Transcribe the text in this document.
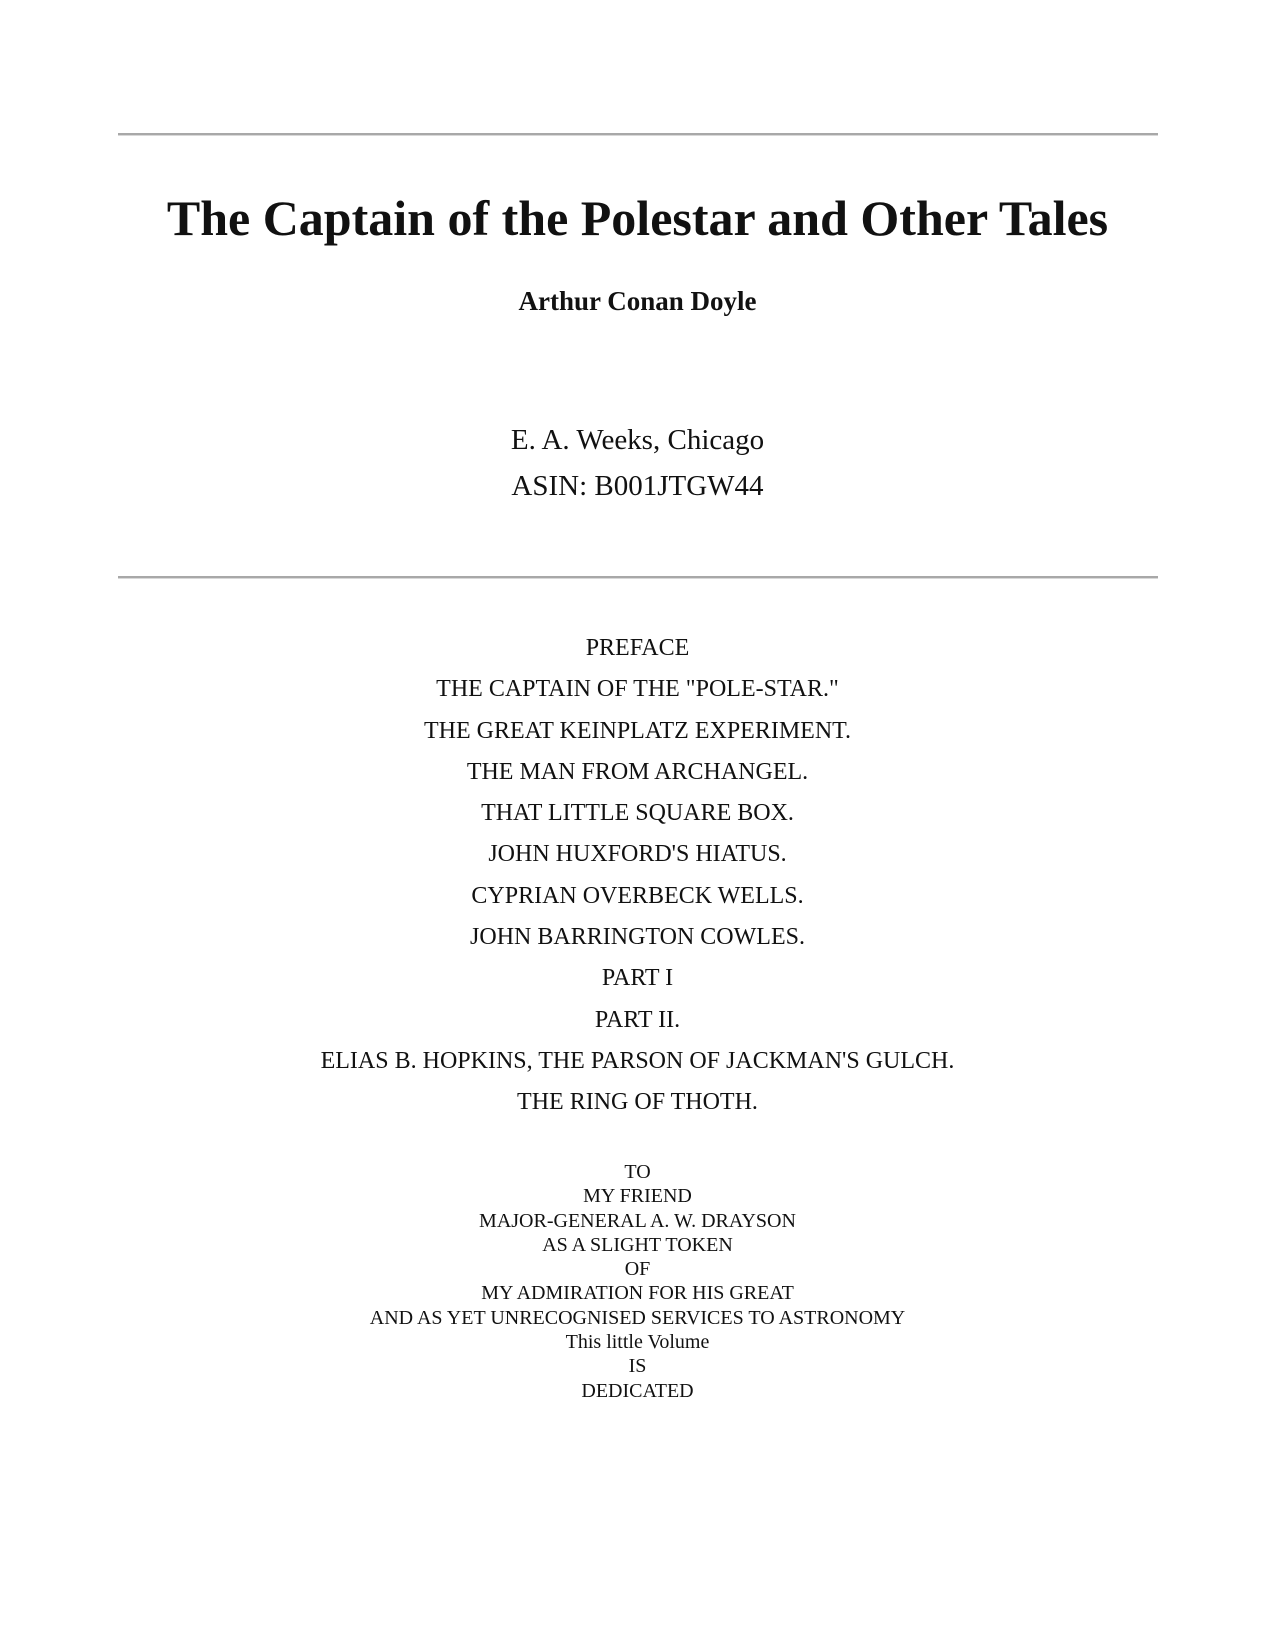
The Captain of the Polestar and Other Tales
Arthur Conan Doyle
E. A. Weeks, Chicago
ASIN: B001JTGW44
PREFACE
THE CAPTAIN OF THE "POLE-STAR."
THE GREAT KEINPLATZ EXPERIMENT.
THE MAN FROM ARCHANGEL.
THAT LITTLE SQUARE BOX.
JOHN HUXFORD'S HIATUS.
CYPRIAN OVERBECK WELLS.
JOHN BARRINGTON COWLES.
PART I
PART II.
ELIAS B. HOPKINS, THE PARSON OF JACKMAN'S GULCH.
THE RING OF THOTH.
TO
MY FRIEND
MAJOR-GENERAL A. W. DRAYSON
AS A SLIGHT TOKEN
OF
MY ADMIRATION FOR HIS GREAT
AND AS YET UNRECOGNISED SERVICES TO ASTRONOMY
This little Volume
IS
DEDICATED
